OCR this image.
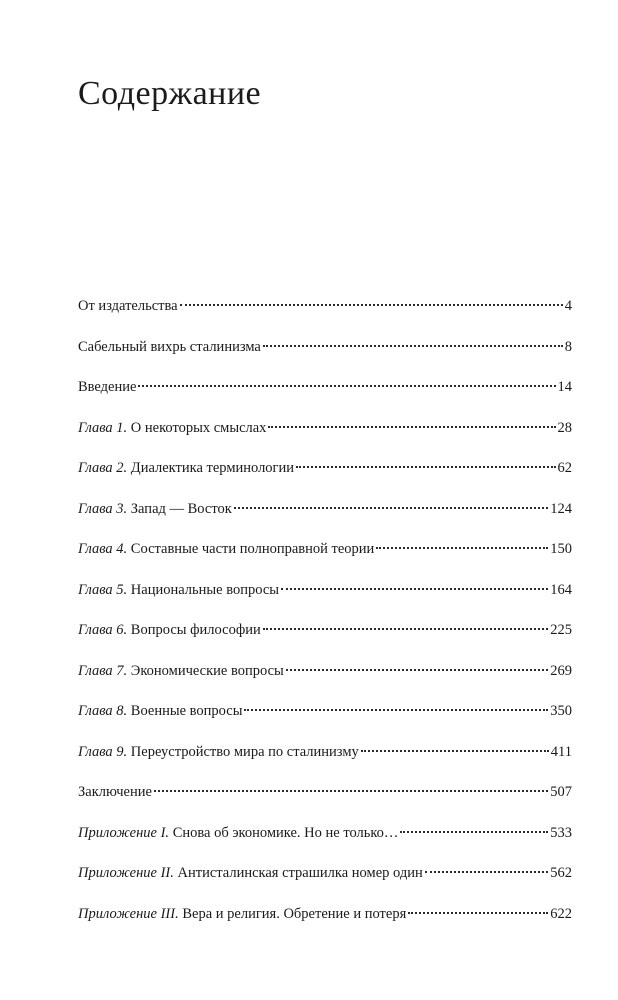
Содержание
От издательства	4
Сабельный вихрь сталинизма	8
Введение	14
Глава 1. О некоторых смыслах	28
Глава 2. Диалектика терминологии	62
Глава 3. Запад — Восток	124
Глава 4. Составные части полноправной теории	150
Глава 5. Национальные вопросы	164
Глава 6. Вопросы философии	225
Глава 7. Экономические вопросы	269
Глава 8. Военные вопросы	350
Глава 9. Переустройство мира по сталинизму	411
Заключение	507
Приложение I. Снова об экономике. Но не только…	533
Приложение II. Антисталинская страшилка номер один	562
Приложение III. Вера и религия. Обретение и потеря	622
